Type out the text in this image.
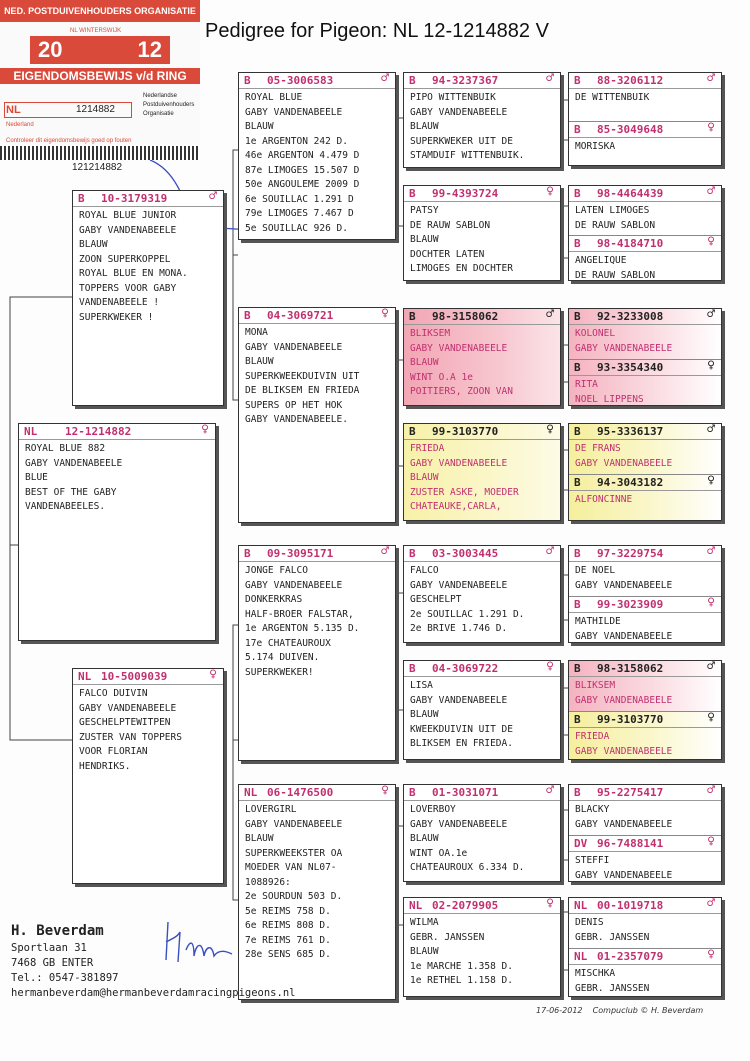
NED. POSTDUIVENHOUDERS ORGANISATIE
20	12
NL WINTERSWIJK
EIGENDOMSBEWIJS v/d RING
NL	1214882
Nederlandse
Postduivenhouders
Organisatie
Nederland
Controleer dit eigendomsbewijs goed op fouten
121214882
Pedigree for Pigeon: NL 12-1214882 V
NL	12-1214882	♀
ROYAL BLUE 882
GABY VANDENABEELE
BLUE
BEST OF THE GABY
VANDENABEELES.
B 10-3179319	♂
ROYAL BLUE JUNIOR
GABY VANDENABEELE
BLAUW
ZOON SUPERKOPPEL
ROYAL BLUE EN MONA.
TOPPERS VOOR GABY
VANDENABEELE !
SUPERKWEKER !
NL 10-5009039	♀
FALCO DUIVIN
GABY VANDENABEELE
GESCHELPTEWITPEN
ZUSTER VAN TOPPERS
VOOR FLORIAN
HENDRIKS.
B 05-3006583	♂
ROYAL BLUE
GABY VANDENABEELE
BLAUW
1e ARGENTON 242 D.
46e ARGENTON 4.479 D
87e LIMOGES 15.507 D
50e ANGOULEME 2009 D
6e SOUILLAC 1.291 D
79e LIMOGES 7.467 D
5e SOUILLAC 926 D.
B 04-3069721	♀
MONA
GABY VANDENABEELE
BLAUW
SUPERKWEEKDUIVIN UIT
DE BLIKSEM EN FRIEDA
SUPERS OP HET HOK
GABY VANDENABEELE.
B 09-3095171	♂
JONGE FALCO
GABY VANDENABEELE
DONKERKRAS
HALF-BROER FALSTAR,
1e ARGENTON 5.135 D.
17e CHATEAUROUX
5.174 DUIVEN.
SUPERKWEKER!
NL 06-1476500	♀
LOVERGIRL
GABY VANDENABEELE
BLAUW
SUPERKWEEKSTER OA
MOEDER VAN NL07-
1088926:
2e SOURDUN 503 D.
5e REIMS 758 D.
6e REIMS 808 D.
7e REIMS 761 D.
28e SENS 685 D.
B 94-3237367	♂
PIPO WITTENBUIK
GABY VANDENABEELE
BLAUW
SUPERKWEKER UIT DE
STAMDUIF WITTENBUIK.
B 99-4393724	♀
PATSY
DE RAUW SABLON
BLAUW
DOCHTER LATEN
LIMOGES EN DOCHTER
B 98-3158062	♂
BLIKSEM
GABY VANDENABEELE
BLAUW
WINT O.A 1e
POITIERS, ZOON VAN
B 99-3103770	♀
FRIEDA
GABY VANDENABEELE
BLAUW
ZUSTER ASKE, MOEDER
CHATEAUKE,CARLA,
B 03-3003445	♂
FALCO
GABY VANDENABEELE
GESCHELPT
2e SOUILLAC 1.291 D.
2e BRIVE 1.746 D.
B 04-3069722	♀
LISA
GABY VANDENABEELE
BLAUW
KWEEKDUIVIN UIT DE
BLIKSEM EN FRIEDA.
B 01-3031071	♂
LOVERBOY
GABY VANDENABEELE
BLAUW
WINT OA.1e
CHATEAUROUX 6.334 D.
NL 02-2079905	♀
WILMA
GEBR. JANSSEN
BLAUW
1e MARCHE 1.358 D.
1e RETHEL 1.158 D.
B 88-3206112	♂
DE WITTENBUIK
B 85-3049648	♀
MORISKA
B 98-4464439	♂
LATEN LIMOGES
DE RAUW SABLON
B 98-4184710	♀
ANGELIQUE
DE RAUW SABLON
B 92-3233008	♂
KOLONEL
GABY VANDENABEELE
B 93-3354340	♀
RITA
NOEL LIPPENS
B 95-3336137	♂
DE FRANS
GABY VANDENABEELE
B 94-3043182	♀
ALFONCINNE
B 97-3229754	♂
DE NOEL
GABY VANDENABEELE
B 99-3023909	♀
MATHILDE
GABY VANDENABEELE
B 98-3158062	♂
BLIKSEM
GABY VANDENABEELE
B 99-3103770	♀
FRIEDA
GABY VANDENABEELE
B 95-2275417	♂
BLACKY
GABY VANDENABEELE
DV 96-7488141	♀
STEFFI
GABY VANDENABEELE
NL 00-1019718	♂
DENIS
GEBR. JANSSEN
NL 01-2357079	♀
MISCHKA
GEBR. JANSSEN
H. Beverdam
Sportlaan 31
7468 GB ENTER
Tel.: 0547-381897
hermanbeverdam@hermanbeverdamracingpigeons.nl
17-06-2012 Compuclub © H. Beverdam
